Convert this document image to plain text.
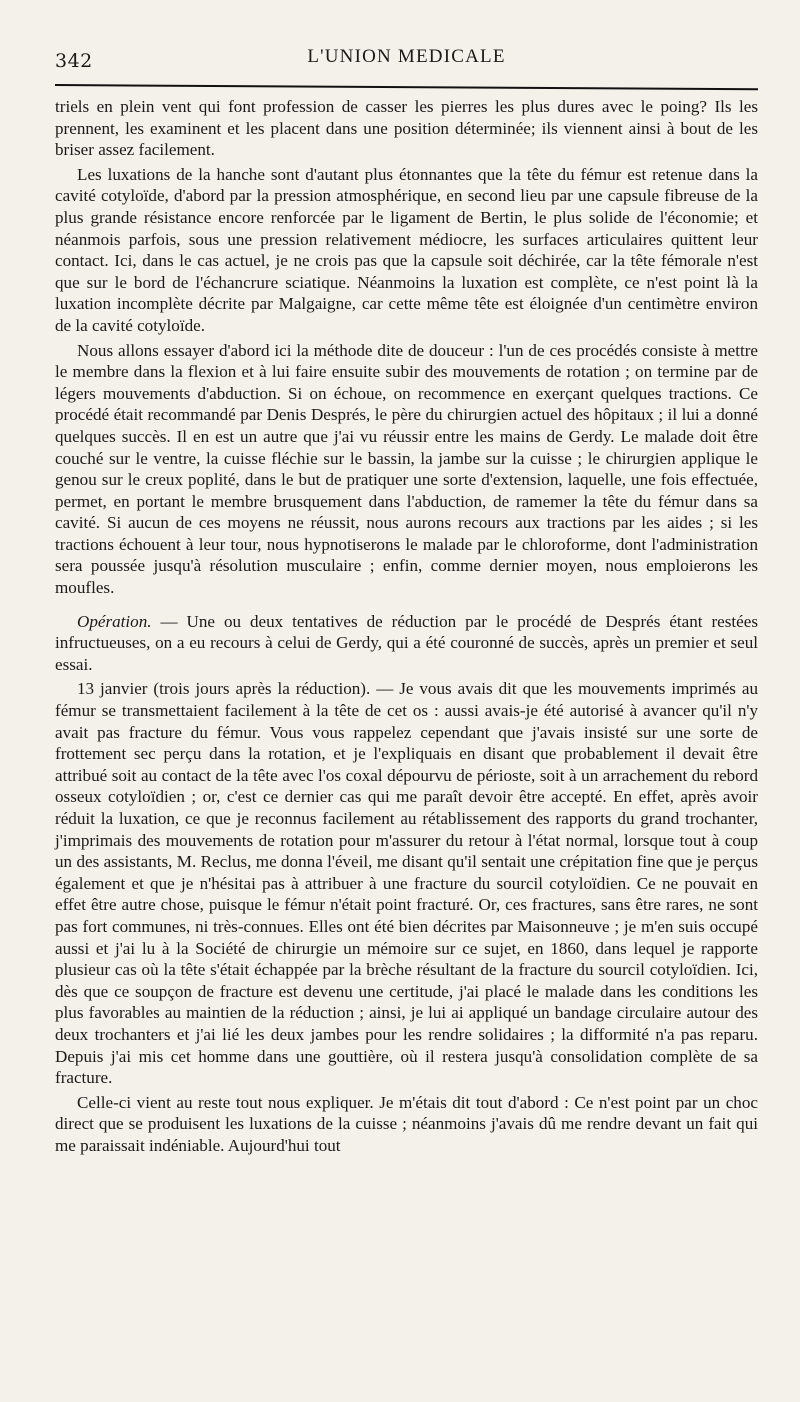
342	L'UNION MEDICALE

triels en plein vent qui font profession de casser les pierres les plus dures avec le poing? Ils les prennent, les examinent et les placent dans une position déterminée; ils viennent ainsi à bout de les briser assez facilement.

Les luxations de la hanche sont d'autant plus étonnantes que la tête du fémur est retenue dans la cavité cotyloïde, d'abord par la pression atmosphérique, en second lieu par une capsule fibreuse de la plus grande résistance encore renforcée par le ligament de Bertin, le plus solide de l'économie; et néanmois parfois, sous une pression relativement médiocre, les surfaces articulaires quittent leur contact. Ici, dans le cas actuel, je ne crois pas que la capsule soit déchirée, car la tête fémorale n'est que sur le bord de l'échancrure sciatique. Néanmoins la luxation est complète, ce n'est point là la luxation incomplète décrite par Malgaigne, car cette même tête est éloignée d'un centimètre environ de la cavité cotyloïde.

Nous allons essayer d'abord ici la méthode dite de douceur : l'un de ces procédés consiste à mettre le membre dans la flexion et à lui faire ensuite subir des mouvements de rotation ; on termine par de légers mouvements d'abduction. Si on échoue, on recommence en exerçant quelques tractions. Ce procédé était recommandé par Denis Després, le père du chirurgien actuel des hôpitaux ; il lui a donné quelques succès. Il en est un autre que j'ai vu réussir entre les mains de Gerdy. Le malade doit être couché sur le ventre, la cuisse fléchie sur le bassin, la jambe sur la cuisse ; le chirurgien applique le genou sur le creux poplité, dans le but de pratiquer une sorte d'extension, laquelle, une fois effectuée, permet, en portant le membre brusquement dans l'abduction, de ramemer la tête du fémur dans sa cavité. Si aucun de ces moyens ne réussit, nous aurons recours aux tractions par les aides ; si les tractions échouent à leur tour, nous hypnotiserons le malade par le chloroforme, dont l'administration sera poussée jusqu'à résolution musculaire ; enfin, comme dernier moyen, nous emploierons les moufles.

Opération. — Une ou deux tentatives de réduction par le procédé de Després étant restées infructueuses, on a eu recours à celui de Gerdy, qui a été couronné de succès, après un premier et seul essai.

13 janvier (trois jours après la réduction). — Je vous avais dit que les mouvements imprimés au fémur se transmettaient facilement à la tête de cet os : aussi avais-je été autorisé à avancer qu'il n'y avait pas fracture du fémur. Vous vous rappelez cependant que j'avais insisté sur une sorte de frottement sec perçu dans la rotation, et je l'expliquais en disant que probablement il devait être attribué soit au contact de la tête avec l'os coxal dépourvu de périoste, soit à un arrachement du rebord osseux cotyloïdien ; or, c'est ce dernier cas qui me paraît devoir être accepté. En effet, après avoir réduit la luxation, ce que je reconnus facilement au rétablissement des rapports du grand trochanter, j'imprimais des mouvements de rotation pour m'assurer du retour à l'état normal, lorsque tout à coup un des assistants, M. Reclus, me donna l'éveil, me disant qu'il sentait une crépitation fine que je perçus également et que je n'hésitai pas à attribuer à une fracture du sourcil cotyloïdien. Ce ne pouvait en effet être autre chose, puisque le fémur n'était point fracturé. Or, ces fractures, sans être rares, ne sont pas fort communes, ni très-connues. Elles ont été bien décrites par Maisonneuve ; je m'en suis occupé aussi et j'ai lu à la Société de chirurgie un mémoire sur ce sujet, en 1860, dans lequel je rapporte plusieur cas où la tête s'était échappée par la brèche résultant de la fracture du sourcil cotyloïdien. Ici, dès que ce soupçon de fracture est devenu une certitude, j'ai placé le malade dans les conditions les plus favorables au maintien de la réduction ; ainsi, je lui ai appliqué un bandage circulaire autour des deux trochanters et j'ai lié les deux jambes pour les rendre solidaires ; la difformité n'a pas reparu. Depuis j'ai mis cet homme dans une gouttière, où il restera jusqu'à consolidation complète de sa fracture.

Celle-ci vient au reste tout nous expliquer. Je m'étais dit tout d'abord : Ce n'est point par un choc direct que se produisent les luxations de la cuisse ; néanmoins j'avais dû me rendre devant un fait qui me paraissait indéniable. Aujourd'hui tout
